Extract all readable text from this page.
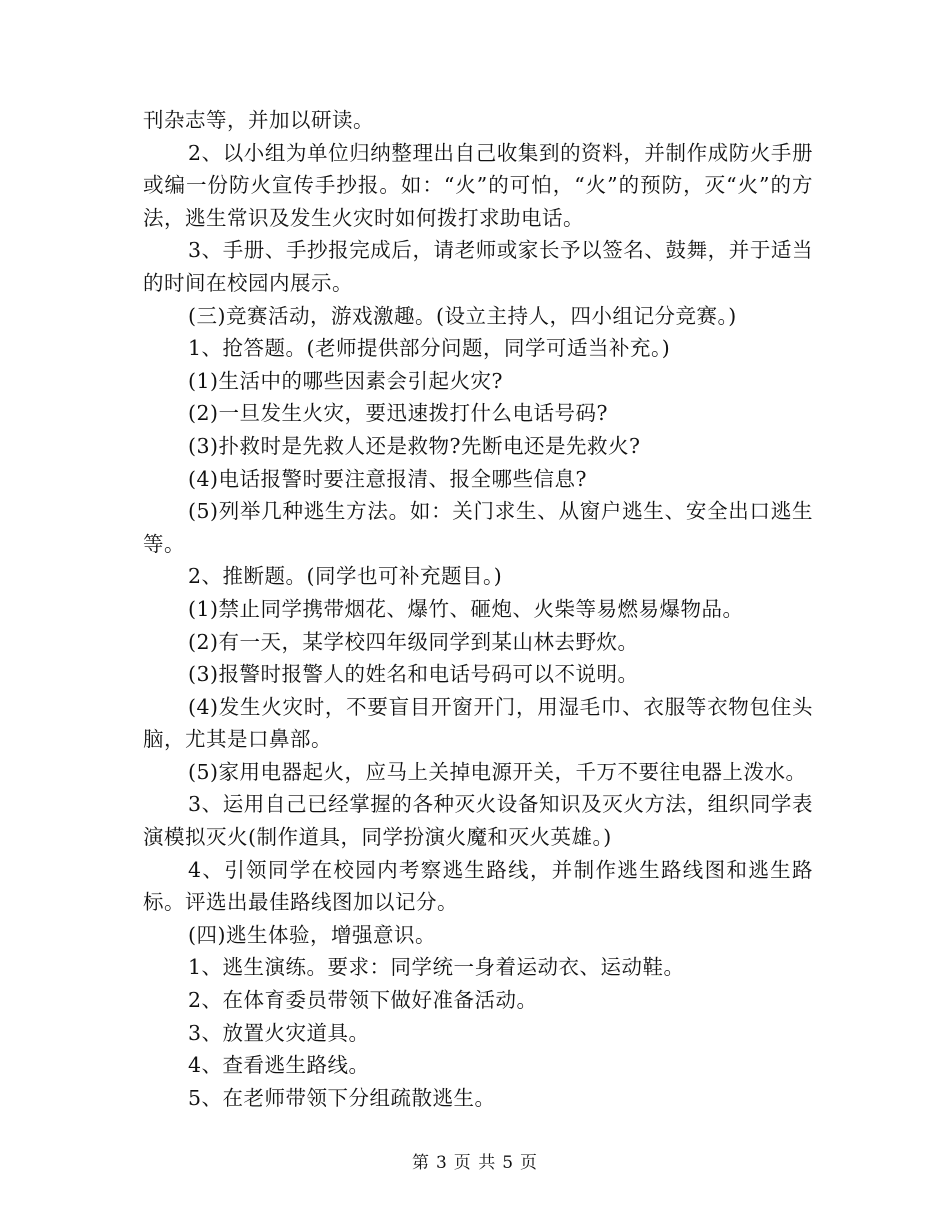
刊杂志等，并加以研读。

2、以小组为单位归纳整理出自己收集到的资料，并制作成防火手册或编一份防火宣传手抄报。如：“火”的可怕，“火”的预防，灭“火”的方法，逃生常识及发生火灾时如何拨打求助电话。

3、手册、手抄报完成后，请老师或家长予以签名、鼓舞，并于适当的时间在校园内展示。

(三)竞赛活动，游戏激趣。(设立主持人，四小组记分竞赛。)

1、抢答题。(老师提供部分问题，同学可适当补充。)

(1)生活中的哪些因素会引起火灾?

(2)一旦发生火灾，要迅速拨打什么电话号码?

(3)扑救时是先救人还是救物?先断电还是先救火?

(4)电话报警时要注意报清、报全哪些信息?

(5)列举几种逃生方法。如：关门求生、从窗户逃生、安全出口逃生等。

2、推断题。(同学也可补充题目。)

(1)禁止同学携带烟花、爆竹、砸炮、火柴等易燃易爆物品。

(2)有一天，某学校四年级同学到某山林去野炊。

(3)报警时报警人的姓名和电话号码可以不说明。

(4)发生火灾时，不要盲目开窗开门，用湿毛巾、衣服等衣物包住头脑，尤其是口鼻部。

(5)家用电器起火，应马上关掉电源开关，千万不要往电器上泼水。

3、运用自己已经掌握的各种灭火设备知识及灭火方法，组织同学表演模拟灭火(制作道具，同学扮演火魔和灭火英雄。)

4、引领同学在校园内考察逃生路线，并制作逃生路线图和逃生路标。评选出最佳路线图加以记分。

(四)逃生体验，增强意识。

1、逃生演练。要求：同学统一身着运动衣、运动鞋。

2、在体育委员带领下做好准备活动。

3、放置火灾道具。

4、查看逃生路线。

5、在老师带领下分组疏散逃生。

第 3 页 共 5 页
